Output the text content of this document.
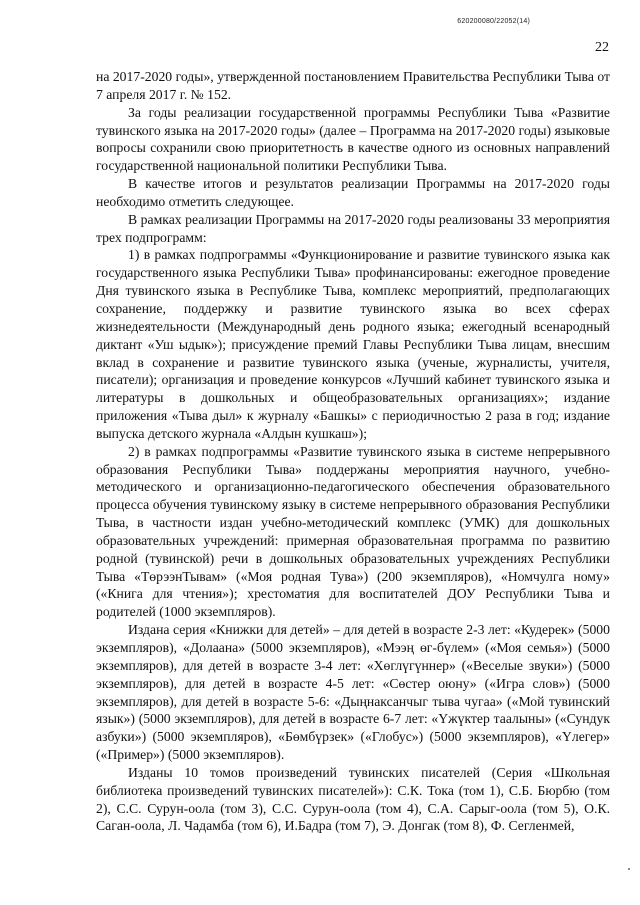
620200080/22052(14)
22

на 2017-2020 годы», утвержденной постановлением Правительства Республики Тыва от 7 апреля 2017 г. № 152.

За годы реализации государственной программы Республики Тыва «Развитие тувинского языка на 2017-2020 годы» (далее – Программа на 2017-2020 годы) языковые вопросы сохранили свою приоритетность в качестве одного из основных направлений государственной национальной политики Республики Тыва.

В качестве итогов и результатов реализации Программы на 2017-2020 годы необходимо отметить следующее.

В рамках реализации Программы на 2017-2020 годы реализованы 33 мероприятия трех подпрограмм:

1) в рамках подпрограммы «Функционирование и развитие тувинского языка как государственного языка Республики Тыва» профинансированы: ежегодное проведение Дня тувинского языка в Республике Тыва, комплекс мероприятий, предполагающих сохранение, поддержку и развитие тувинского языка во всех сферах жизнедеятельности (Международный день родного языка; ежегодный всенародный диктант «Уш ыдык»); присуждение премий Главы Республики Тыва лицам, внесшим вклад в сохранение и развитие тувинского языка (ученые, журналисты, учителя, писатели); организация и проведение конкурсов «Лучший кабинет тувинского языка и литературы в дошкольных и общеобразовательных организациях»; издание приложения «Тыва дыл» к журналу «Башкы» с периодичностью 2 раза в год; издание выпуска детского журнала «Алдын кушкаш»);

2) в рамках подпрограммы «Развитие тувинского языка в системе непрерывного образования Республики Тыва» поддержаны мероприятия научного, учебно-методического и организационно-педагогического обеспечения образовательного процесса обучения тувинскому языку в системе непрерывного образования Республики Тыва, в частности издан учебно-методический комплекс (УМК) для дошкольных образовательных учреждений: примерная образовательная программа по развитию родной (тувинской) речи в дошкольных образовательных учреждениях Республики Тыва «ТөрээнТывам» («Моя родная Тува») (200 экземпляров), «Номчулга ному» («Книга для чтения»); хрестоматия для воспитателей ДОУ Республики Тыва и родителей (1000 экземпляров).

Издана серия «Книжки для детей» – для детей в возрасте 2-3 лет: «Кудерек» (5000 экземпляров), «Долаана» (5000 экземпляров), «Мээң өг-бүлем» («Моя семья») (5000 экземпляров), для детей в возрасте 3-4 лет: «Хөглүгүннер» («Веселые звуки») (5000 экземпляров), для детей в возрасте 4-5 лет: «Сөстер оюну» («Игра слов») (5000 экземпляров), для детей в возрасте 5-6: «Дыңнаксанчыг тыва чугаа» («Мой тувинский язык») (5000 экземпляров), для детей в возрасте 6-7 лет: «Үжүктер таалыны» («Сундук азбуки») (5000 экземпляров), «Бөмбүрзек» («Глобус») (5000 экземпляров), «Үлегер» («Пример») (5000 экземпляров).

Изданы 10 томов произведений тувинских писателей (Серия «Школьная библиотека произведений тувинских писателей»): С.К. Тока (том 1), С.Б. Бюрбю (том 2), С.С. Сурун-оола (том 3), С.С. Сурун-оола (том 4), С.А. Сарыг-оола (том 5), О.К. Саган-оола, Л. Чадамба (том 6), И.Бадра (том 7), Э. Донгак (том 8), Ф. Сегленмей,
